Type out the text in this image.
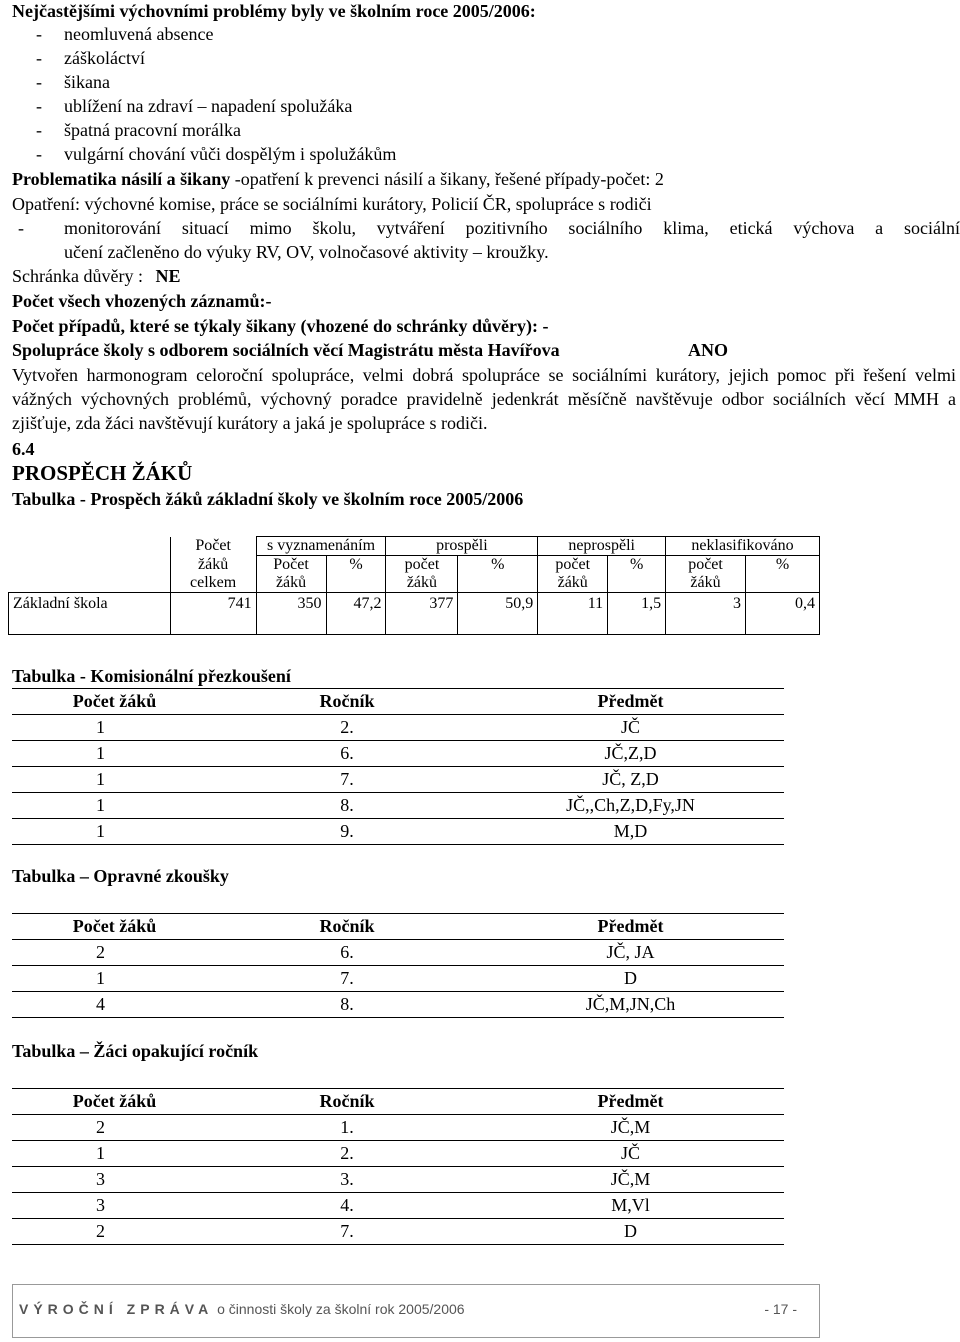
Nejčastějšími výchovními problémy byly ve školním roce 2005/2006:
- neomluvená absence
- záškoláctví
- šikana
- ublížení na zdraví – napadení spolužáka
- špatná pracovní morálka
- vulgární chování vůči dospělým i spolužákům
Problematika násilí a šikany -opatření k prevenci násilí a šikany, řešené případy-počet: 2
Opatření: výchovné komise, práce se sociálními kurátory, Policií ČR, spolupráce s rodiči
- monitorování situací mimo školu, vytváření pozitivního sociálního klima, etická výchova a sociální
učení začleněno do výuky RV, OV, volnočasové aktivity – kroužky.
Schránka důvěry : NE
Počet všech vhozených záznamů:-
Počet případů, které se týkaly šikany (vhozené do schránky důvěry): -
Spolupráce školy s odborem sociálních věcí Magistrátu města Havířova	ANO
Vytvořen harmonogram celoroční spolupráce, velmi dobrá spolupráce se sociálními kurátory, jejich pomoc při řešení velmi vážných výchovných problémů, výchovný poradce pravidelně jedenkrát měsíčně navštěvuje odbor sociálních věcí MMH a zjišťuje, zda žáci navštěvují kurátory a jaká je spolupráce s rodiči.
6.4
PROSPĚCH ŽÁKŮ
Tabulka - Prospěch žáků základní školy ve školním roce 2005/2006
	Počet	s vyznamenáním		prospěli		neprospěli		neklasifikováno	
	žáků	Počet	%	počet	%	počet	%	počet	%
	celkem	žáků		žáků		žáků		žáků	
Základní škola	741	350	47,2	377	50,9	11	1,5	3	0,4
Tabulka - Komisionální přezkoušení
Počet žáků	Ročník	Předmět
1	2.	JČ
1	6.	JČ,Z,D
1	7.	JČ, Z,D
1	8.	JČ,,Ch,Z,D,Fy,JN
1	9.	M,D
Tabulka – Opravné zkoušky
Počet žáků	Ročník	Předmět
2	6.	JČ, JA
1	7.	D
4	8.	JČ,M,JN,Ch
Tabulka – Žáci opakující ročník
Počet žáků	Ročník	Předmět
2	1.	JČ,M
1	2.	JČ
3	3.	JČ,M
3	4.	M,Vl
2	7.	D
VÝROČNÍ ZPRÁVA o činnosti školy za školní rok 2005/2006	- 17 -
